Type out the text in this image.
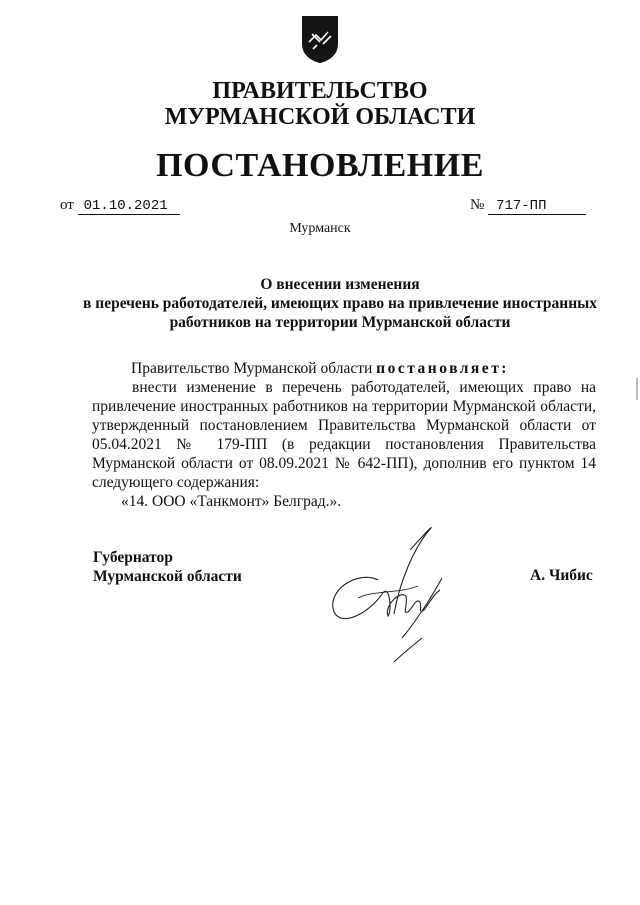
ПРАВИТЕЛЬСТВО
МУРМАНСКОЙ ОБЛАСТИ
ПОСТАНОВЛЕНИЕ
от 01.10.2021	№ 717-ПП
Мурманск
О внесении изменения
в перечень работодателей, имеющих право на привлечение иностранных
работников на территории Мурманской области
Правительство Мурманской области постановляет:
внести изменение в перечень работодателей, имеющих право на привлечение иностранных работников на территории Мурманской области, утвержденный постановлением Правительства Мурманской области от 05.04.2021 № 179-ПП (в редакции постановления Правительства Мурманской области от 08.09.2021 № 642-ПП), дополнив его пунктом 14 следующего содержания:
«14. ООО «Танкмонт» Белград.».
Губернатор
Мурманской области	А. Чибис
